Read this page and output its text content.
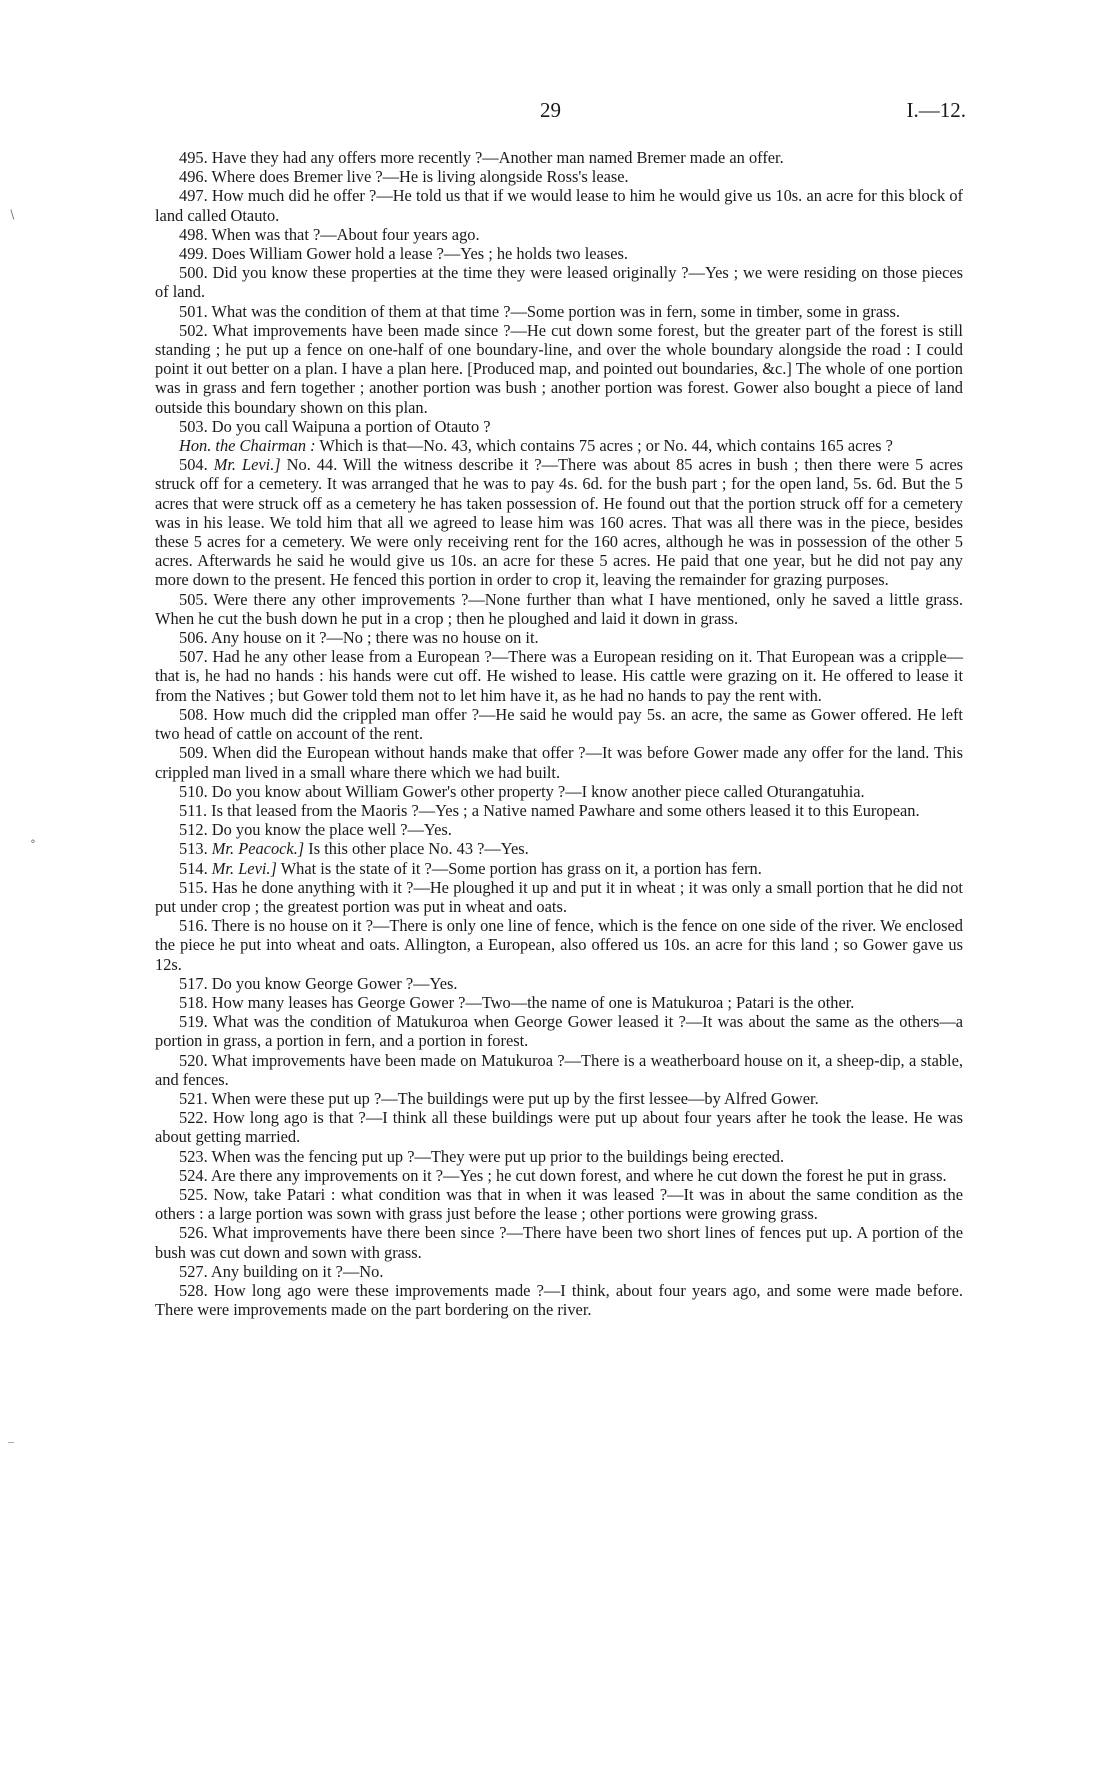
29	I.—12.
∖
∘
–

495. Have they had any offers more recently ?—Another man named Bremer made an offer.

496. Where does Bremer live ?—He is living alongside Ross's lease.

497. How much did he offer ?—He told us that if we would lease to him he would give us 10s. an acre for this block of land called Otauto.

498. When was that ?—About four years ago.

499. Does William Gower hold a lease ?—Yes ; he holds two leases.

500. Did you know these properties at the time they were leased originally ?—Yes ; we were residing on those pieces of land.

501. What was the condition of them at that time ?—Some portion was in fern, some in timber, some in grass.

502. What improvements have been made since ?—He cut down some forest, but the greater part of the forest is still standing ; he put up a fence on one-half of one boundary-line, and over the whole boundary alongside the road : I could point it out better on a plan. I have a plan here. [Produced map, and pointed out boundaries, &c.] The whole of one portion was in grass and fern together ; another portion was bush ; another portion was forest. Gower also bought a piece of land outside this boundary shown on this plan.

503. Do you call Waipuna a portion of Otauto ?

Hon. the Chairman : Which is that—No. 43, which contains 75 acres ; or No. 44, which contains 165 acres ?

504. Mr. Levi.] No. 44. Will the witness describe it ?—There was about 85 acres in bush ; then there were 5 acres struck off for a cemetery. It was arranged that he was to pay 4s. 6d. for the bush part ; for the open land, 5s. 6d. But the 5 acres that were struck off as a cemetery he has taken possession of. He found out that the portion struck off for a cemetery was in his lease. We told him that all we agreed to lease him was 160 acres. That was all there was in the piece, besides these 5 acres for a cemetery. We were only receiving rent for the 160 acres, although he was in possession of the other 5 acres. Afterwards he said he would give us 10s. an acre for these 5 acres. He paid that one year, but he did not pay any more down to the present. He fenced this portion in order to crop it, leaving the remainder for grazing purposes.

505. Were there any other improvements ?—None further than what I have mentioned, only he saved a little grass. When he cut the bush down he put in a crop ; then he ploughed and laid it down in grass.

506. Any house on it ?—No ; there was no house on it.

507. Had he any other lease from a European ?—There was a European residing on it. That European was a cripple—that is, he had no hands : his hands were cut off. He wished to lease. His cattle were grazing on it. He offered to lease it from the Natives ; but Gower told them not to let him have it, as he had no hands to pay the rent with.

508. How much did the crippled man offer ?—He said he would pay 5s. an acre, the same as Gower offered. He left two head of cattle on account of the rent.

509. When did the European without hands make that offer ?—It was before Gower made any offer for the land. This crippled man lived in a small whare there which we had built.

510. Do you know about William Gower's other property ?—I know another piece called Oturangatuhia.

511. Is that leased from the Maoris ?—Yes ; a Native named Pawhare and some others leased it to this European.

512. Do you know the place well ?—Yes.

513. Mr. Peacock.] Is this other place No. 43 ?—Yes.

514. Mr. Levi.] What is the state of it ?—Some portion has grass on it, a portion has fern.

515. Has he done anything with it ?—He ploughed it up and put it in wheat ; it was only a small portion that he did not put under crop ; the greatest portion was put in wheat and oats.

516. There is no house on it ?—There is only one line of fence, which is the fence on one side of the river. We enclosed the piece he put into wheat and oats. Allington, a European, also offered us 10s. an acre for this land ; so Gower gave us 12s.

517. Do you know George Gower ?—Yes.

518. How many leases has George Gower ?—Two—the name of one is Matukuroa ; Patari is the other.

519. What was the condition of Matukuroa when George Gower leased it ?—It was about the same as the others—a portion in grass, a portion in fern, and a portion in forest.

520. What improvements have been made on Matukuroa ?—There is a weatherboard house on it, a sheep-dip, a stable, and fences.

521. When were these put up ?—The buildings were put up by the first lessee—by Alfred Gower.

522. How long ago is that ?—I think all these buildings were put up about four years after he took the lease. He was about getting married.

523. When was the fencing put up ?—They were put up prior to the buildings being erected.

524. Are there any improvements on it ?—Yes ; he cut down forest, and where he cut down the forest he put in grass.

525. Now, take Patari : what condition was that in when it was leased ?—It was in about the same condition as the others : a large portion was sown with grass just before the lease ; other portions were growing grass.

526. What improvements have there been since ?—There have been two short lines of fences put up. A portion of the bush was cut down and sown with grass.

527. Any building on it ?—No.

528. How long ago were these improvements made ?—I think, about four years ago, and some were made before. There were improvements made on the part bordering on the river.
